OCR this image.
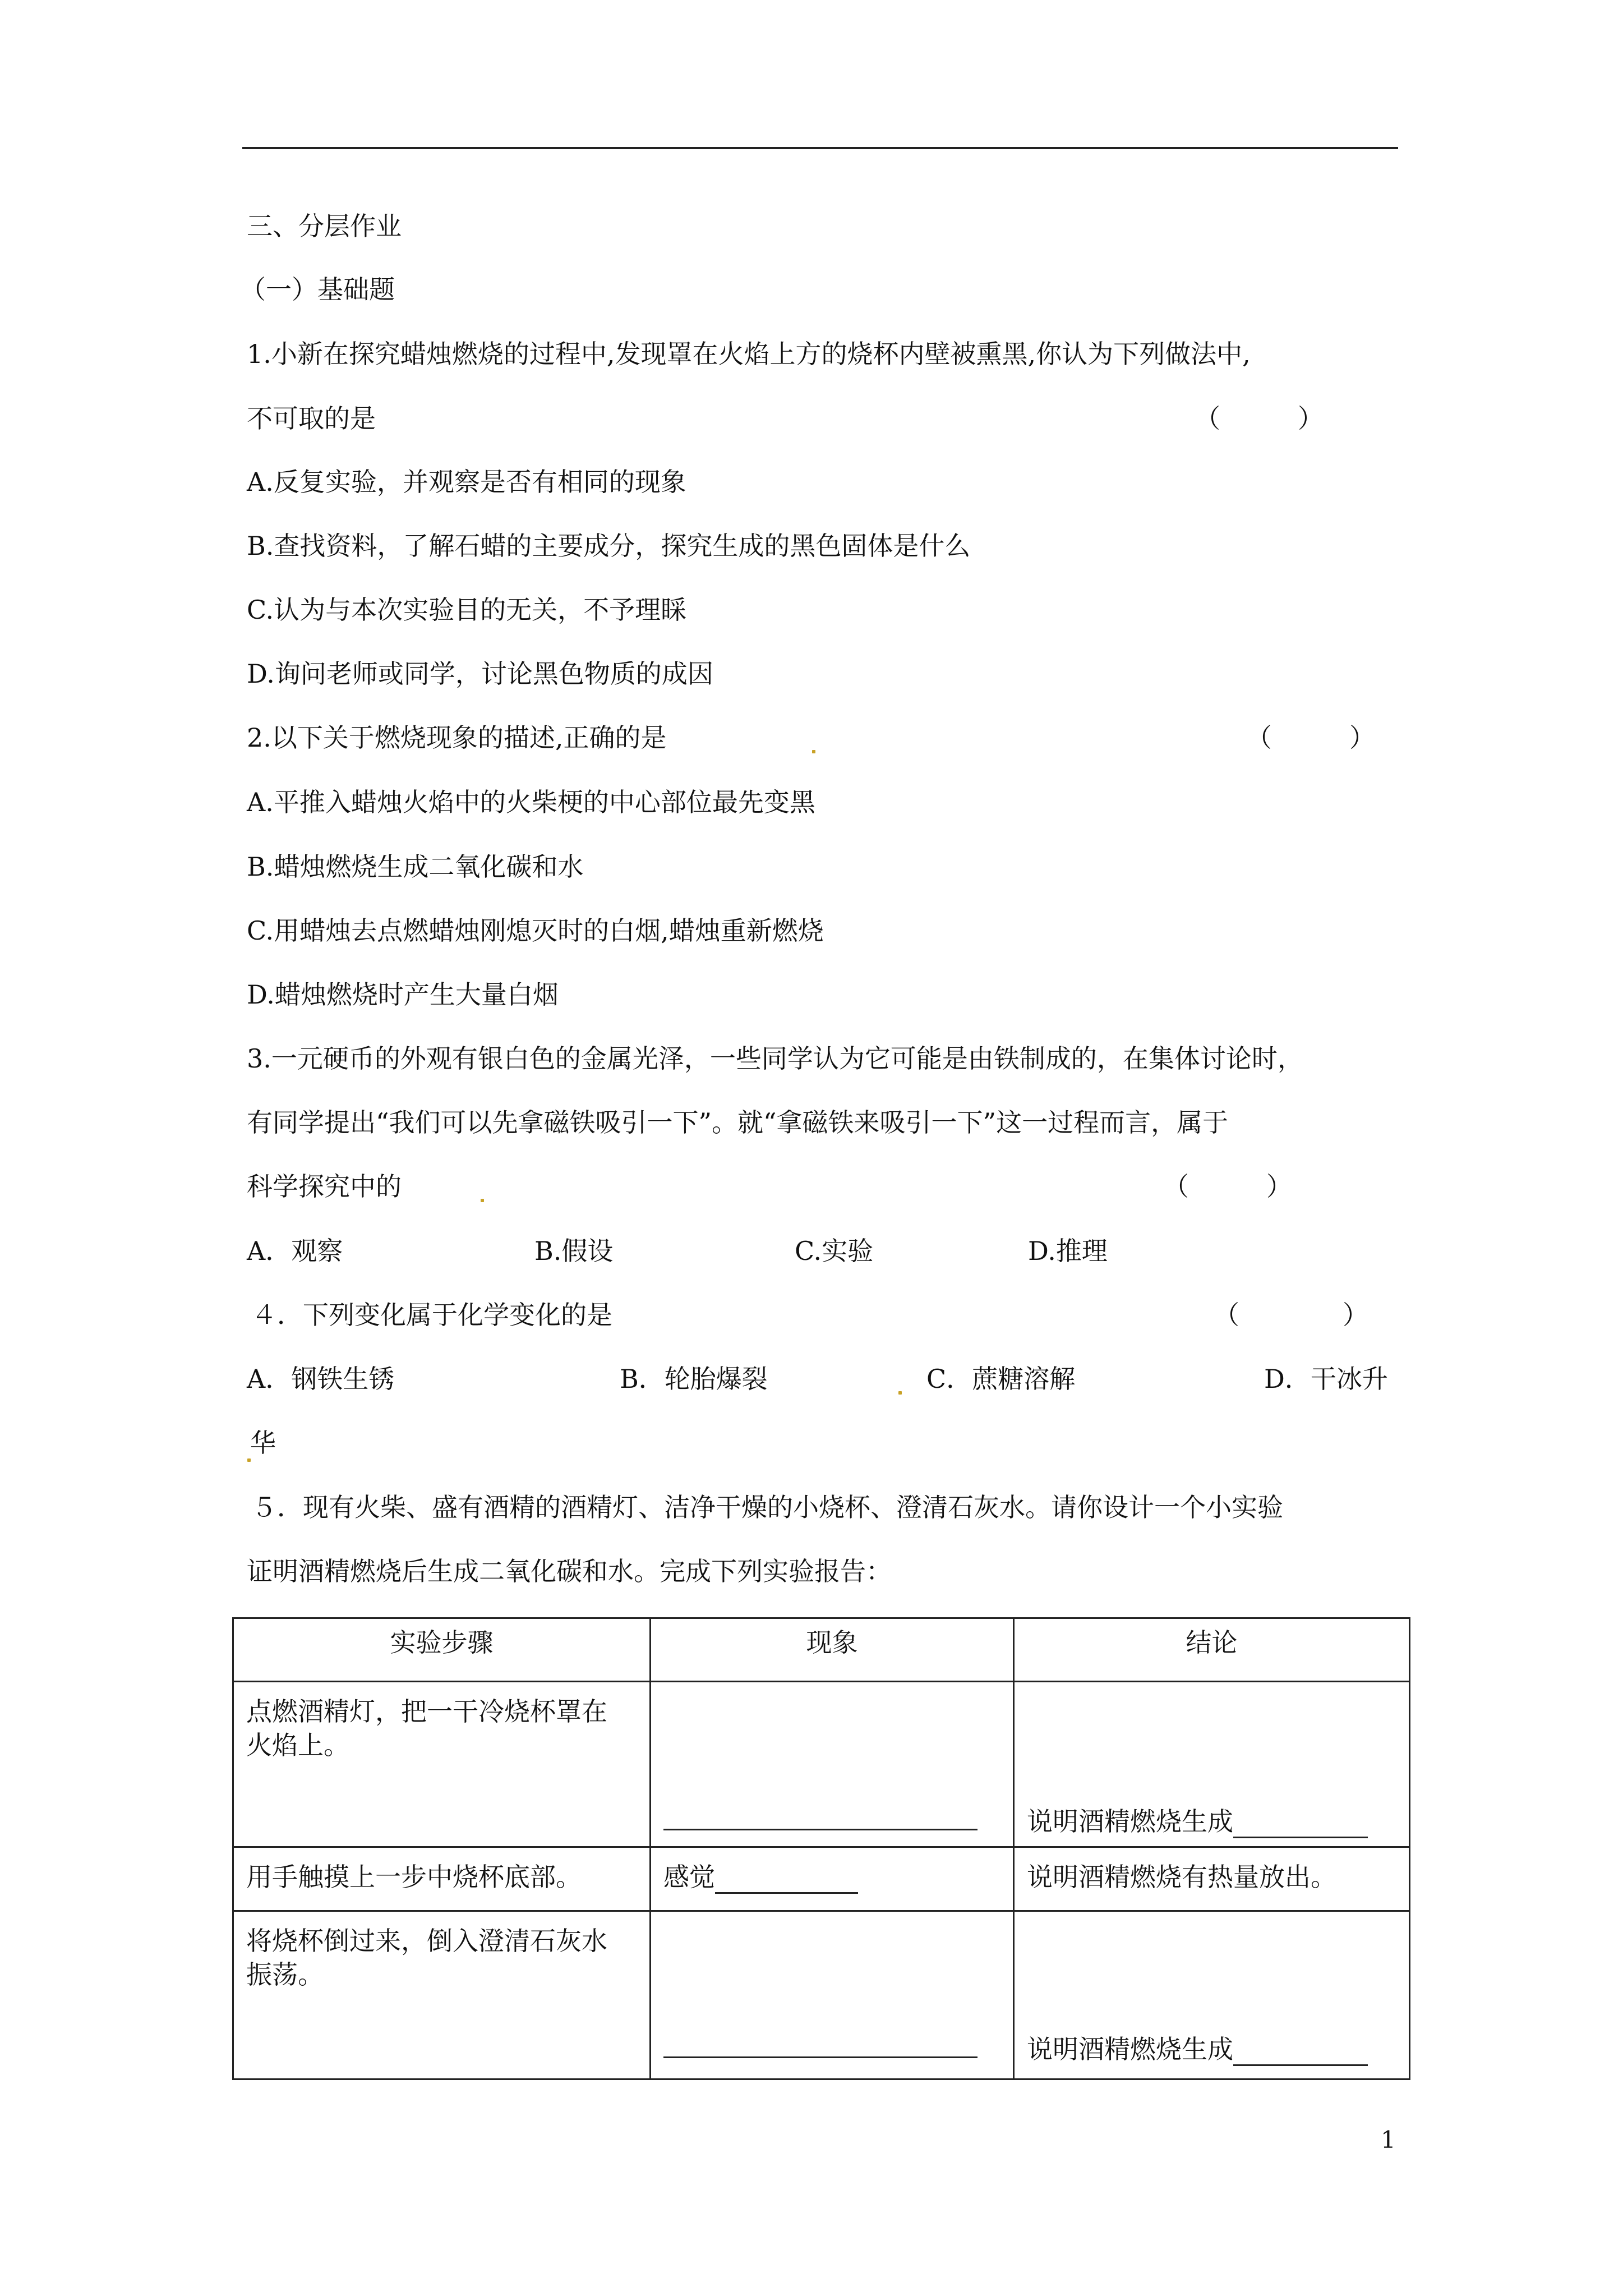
三、分层作业
（一）基础题
1.小新在探究蜡烛燃烧的过程中,发现罩在火焰上方的烧杯内壁被熏黑,你认为下列做法中,
不可取的是	（　　　）
A.反复实验，并观察是否有相同的现象
B.查找资料，了解石蜡的主要成分，探究生成的黑色固体是什么
C.认为与本次实验目的无关，不予理睬
D.询问老师或同学，讨论黑色物质的成因
2.以下关于燃烧现象的描述,正确的是	（　　　）
A.平推入蜡烛火焰中的火柴梗的中心部位最先变黑
B.蜡烛燃烧生成二氧化碳和水
C.用蜡烛去点燃蜡烛刚熄灭时的白烟,蜡烛重新燃烧
D.蜡烛燃烧时产生大量白烟
3.一元硬币的外观有银白色的金属光泽，一些同学认为它可能是由铁制成的，在集体讨论时，
有同学提出“我们可以先拿磁铁吸引一下”。就“拿磁铁来吸引一下”这一过程而言，属于
科学探究中的	（　　　）
A．观察	B.假设	C.实验	D.推理
４．下列变化属于化学变化的是	（　　　　）
A．钢铁生锈	B．轮胎爆裂	C．蔗糖溶解	D．干冰升
华
５．现有火柴、盛有酒精的酒精灯、洁净干燥的小烧杯、澄清石灰水。请你设计一个小实验
证明酒精燃烧后生成二氧化碳和水。完成下列实验报告：
实验步骤	现象	结论
点燃酒精灯，把一干冷烧杯罩在火焰上。		说明酒精燃烧生成
用手触摸上一步中烧杯底部。	感觉	说明酒精燃烧有热量放出。
将烧杯倒过来，倒入澄清石灰水振荡。		说明酒精燃烧生成
1
